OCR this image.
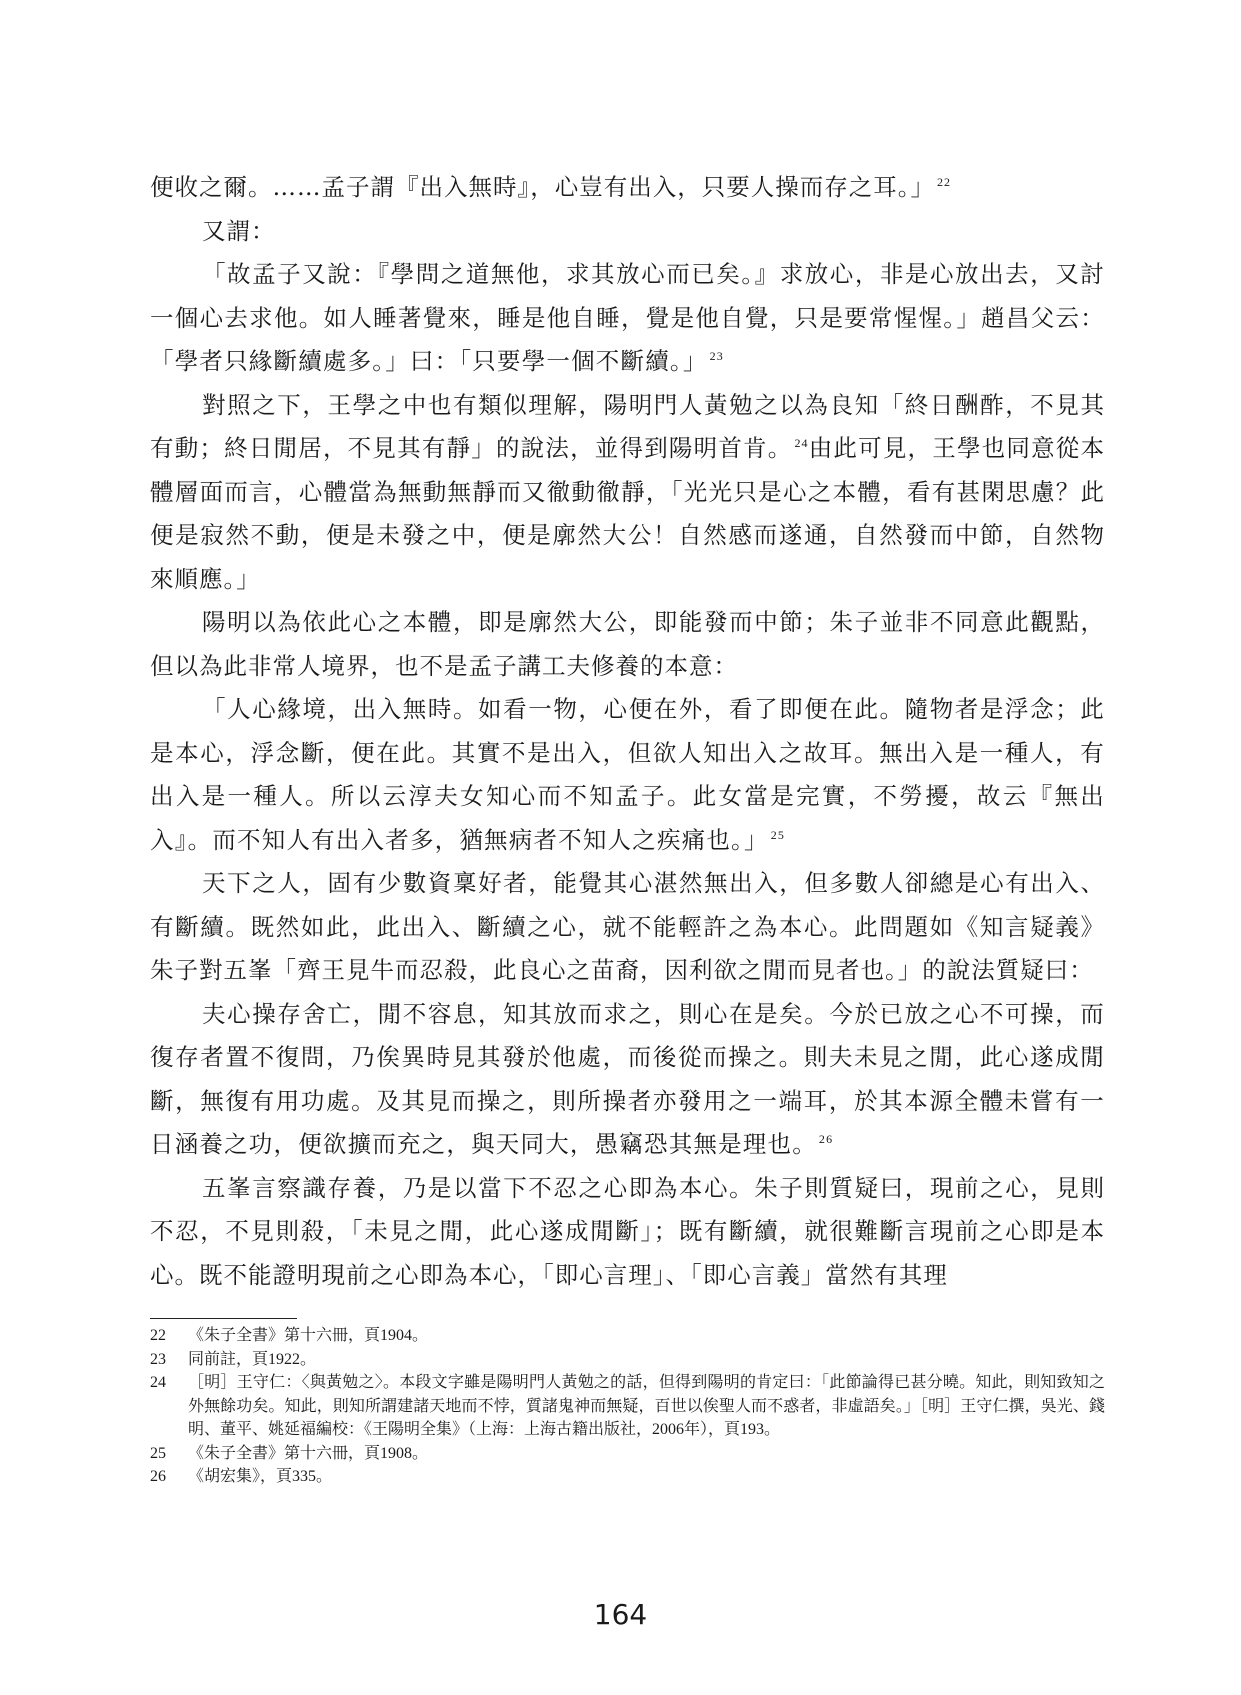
便收之爾。……孟子謂『出入無時』，心豈有出入，只要人操而存之耳。」 $^{22}$

又謂：

「故孟子又說：『學問之道無他，求其放心而已矣。』求放心，非是心放出去，又討一個心去求他。如人睡著覺來，睡是他自睡，覺是他自覺，只是要常惺惺。」趙昌父云：「學者只緣斷續處多。」曰：「只要學一個不斷續。」 $^{23}$

對照之下，王學之中也有類似理解，陽明門人黃勉之以為良知「終日酬酢，不見其有動；終日閒居，不見其有靜」的說法，並得到陽明首肯。 $^{24}$由此可見，王學也同意從本體層面而言，心體當為無動無靜而又徹動徹靜，「光光只是心之本體，看有甚閑思慮？此便是寂然不動，便是未發之中，便是廓然大公！自然感而遂通，自然發而中節，自然物來順應。」

陽明以為依此心之本體，即是廓然大公，即能發而中節；朱子並非不同意此觀點，但以為此非常人境界，也不是孟子講工夫修養的本意：

「人心緣境，出入無時。如看一物，心便在外，看了即便在此。隨物者是浮念；此是本心，浮念斷，便在此。其實不是出入，但欲人知出入之故耳。無出入是一種人，有出入是一種人。所以云淳夫女知心而不知孟子。此女當是完實，不勞擾，故云『無出入』。而不知人有出入者多，猶無病者不知人之疾痛也。」 $^{25}$

天下之人，固有少數資稟好者，能覺其心湛然無出入，但多數人卻總是心有出入、有斷續。既然如此，此出入、斷續之心，就不能輕許之為本心。此問題如《知言疑義》朱子對五峯「齊王見牛而忍殺，此良心之苗裔，因利欲之閒而見者也。」的說法質疑曰：

夫心操存舍亡，閒不容息，知其放而求之，則心在是矣。今於已放之心不可操，而復存者置不復問，乃俟異時見其發於他處，而後從而操之。則夫未見之閒，此心遂成閒斷，無復有用功處。及其見而操之，則所操者亦發用之一端耳，於其本源全體未嘗有一日涵養之功，便欲擴而充之，與天同大，愚竊恐其無是理也。 $^{26}$

五峯言察識存養，乃是以當下不忍之心即為本心。朱子則質疑曰，現前之心，見則不忍，不見則殺，「未見之閒，此心遂成閒斷」；既有斷續，就很難斷言現前之心即是本心。既不能證明現前之心即為本心，「即心言理」、「即心言義」當然有其理

22	《朱子全書》第十六冊，頁1904。
23	同前註，頁1922。
24	［明］王守仁：〈與黃勉之〉。本段文字雖是陽明門人黃勉之的話，但得到陽明的肯定曰：「此節論得已甚分曉。知此，則知致知之外無餘功矣。知此，則知所謂建諸天地而不悖，質諸鬼神而無疑，百世以俟聖人而不惑者，非虛語矣。」［明］王守仁撰，吳光、錢明、董平、姚延福編校：《王陽明全集》（上海：上海古籍出版社，2006年），頁193。
25	《朱子全書》第十六冊，頁1908。
26	《胡宏集》，頁335。
164
